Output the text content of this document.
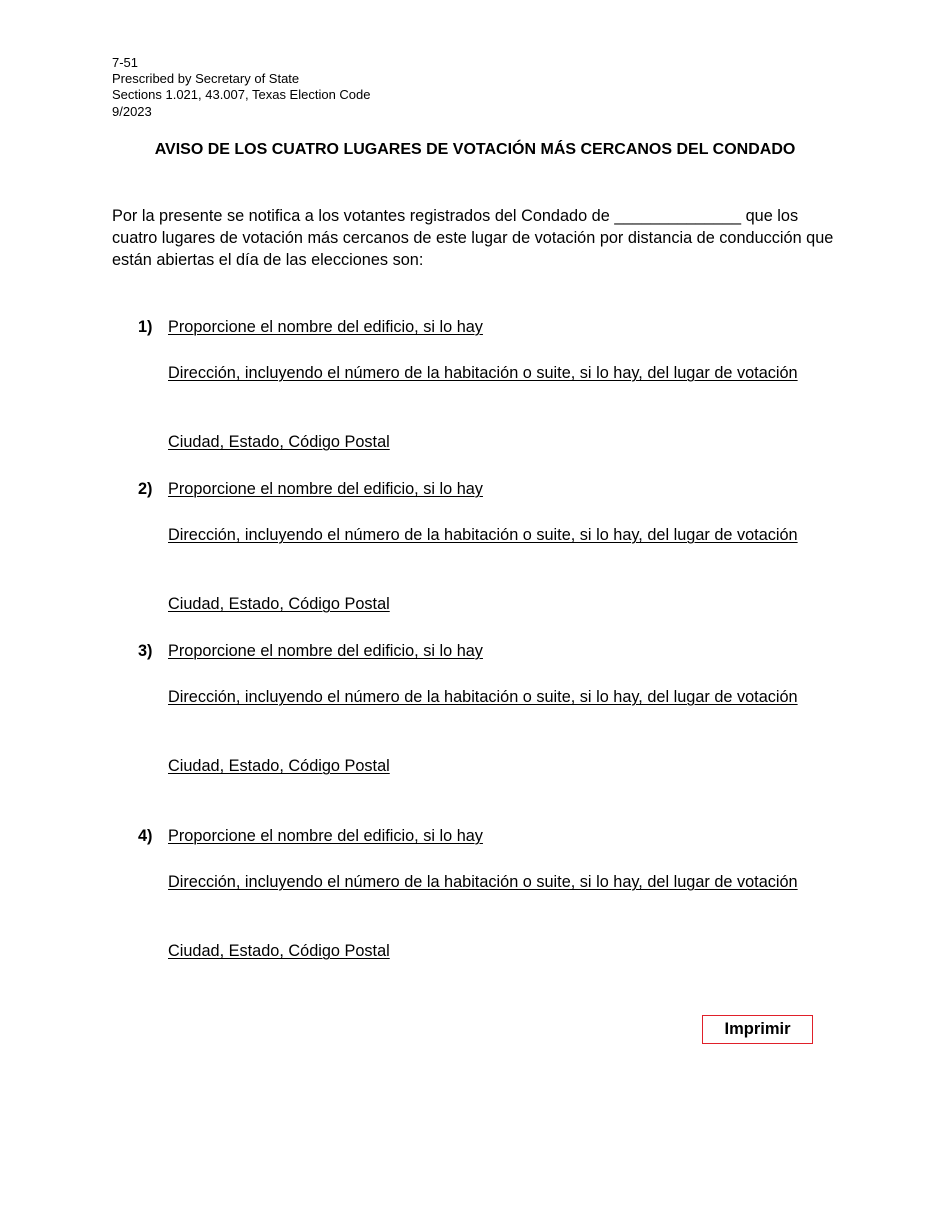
7-51
Prescribed by Secretary of State
Sections 1.021, 43.007, Texas Election Code
9/2023
AVISO DE LOS CUATRO LUGARES DE VOTACIÓN MÁS CERCANOS DEL CONDADO

Por la presente se notifica a los votantes registrados del Condado de ______________ que los cuatro lugares de votación más cercanos de este lugar de votación por distancia de conducción que están abiertas el día de las elecciones son:

1) Proporcione el nombre del edificio, si lo hay
Dirección, incluyendo el número de la habitación o suite, si lo hay, del lugar de votación
Ciudad, Estado, Código Postal
2) Proporcione el nombre del edificio, si lo hay
Dirección, incluyendo el número de la habitación o suite, si lo hay, del lugar de votación
Ciudad, Estado, Código Postal
3) Proporcione el nombre del edificio, si lo hay
Dirección, incluyendo el número de la habitación o suite, si lo hay, del lugar de votación
Ciudad, Estado, Código Postal
4) Proporcione el nombre del edificio, si lo hay
Dirección, incluyendo el número de la habitación o suite, si lo hay, del lugar de votación
Ciudad, Estado, Código Postal
Imprimir
